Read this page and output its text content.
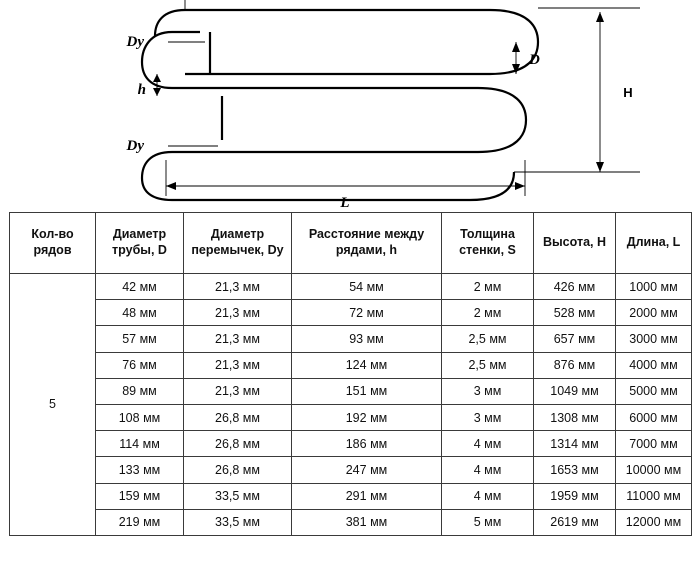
Dy
Dy
D
h	H
L
Кол-во рядов	Диаметр трубы, D	Диаметр перемычек, Dy	Расстояние между рядами, h	Толщина стенки, S	Высота, H	Длина, L
5	42 мм	21,3 мм	54 мм	2 мм	426 мм	1000 мм
	48 мм	21,3 мм	72 мм	2 мм	528 мм	2000 мм
	57 мм	21,3 мм	93 мм	2,5 мм	657 мм	3000 мм
	76 мм	21,3 мм	124 мм	2,5 мм	876 мм	4000 мм
	89 мм	21,3 мм	151 мм	3 мм	1049 мм	5000 мм
	108 мм	26,8 мм	192 мм	3 мм	1308 мм	6000 мм
	114 мм	26,8 мм	186 мм	4 мм	1314 мм	7000 мм
	133 мм	26,8 мм	247 мм	4 мм	1653 мм	10000 мм
	159 мм	33,5 мм	291 мм	4 мм	1959 мм	11000 мм
	219 мм	33,5 мм	381 мм	5 мм	2619 мм	12000 мм
